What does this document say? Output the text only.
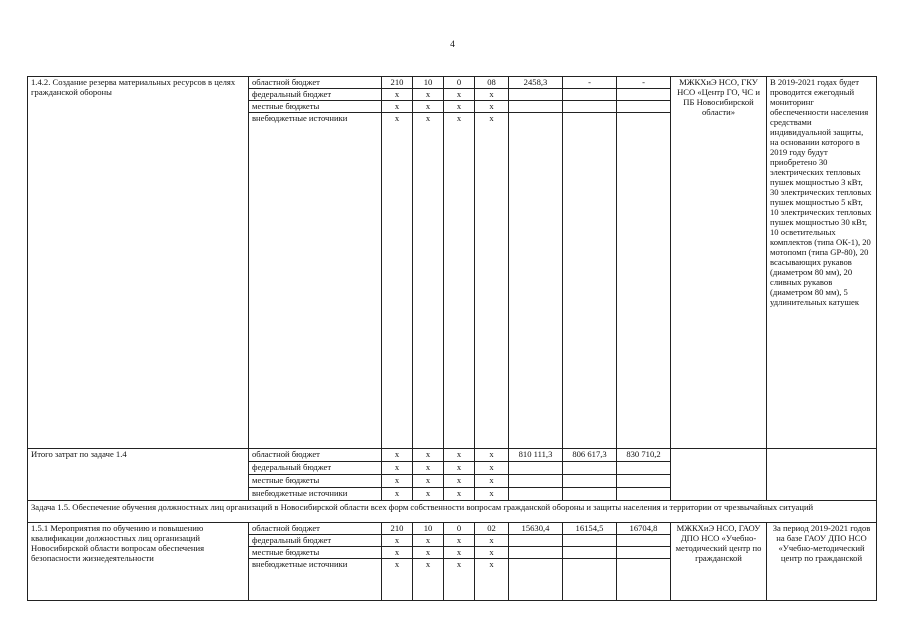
4
1.4.2. Создание резерва материальных ресурсов в целях гражданской обороны	областной бюджет	210	10	0	08	2458,3	-	-	МЖКХиЭ НСО, ГКУ НСО «Центр ГО, ЧС и ПБ Новосибирской области»	В 2019-2021 годах будет проводится ежегодный мониторинг обеспеченности населения средствами индивидуальной защиты, на основании которого в 2019 году будут приобретено 30 электрических тепловых пушек мощностью 3 кВт, 30 электрических тепловых пушек мощностью 5 кВт, 10 электрических тепловых пушек мощностью 30 кВт, 10 осветительных комплектов (типа ОК-1), 20 мотопомп (типа GP-80), 20 всасывающих рукавов (диаметром 80 мм), 20 сливных рукавов (диаметром 80 мм), 5 удлинительных катушек
	федеральный бюджет	x	x	x	x					
	местные бюджеты	x	x	x	x					
	внебюджетные источники	x	x	x	x					
Итого затрат по задаче 1.4	областной бюджет	x	x	x	x	810 111,3	806 617,3	830 710,2		
	федеральный бюджет	x	x	x	x					
	местные бюджеты	x	x	x	x					
	внебюджетные источники	x	x	x	x					
Задача 1.5. Обеспечение обучения должностных лиц организаций в Новосибирской области всех форм собственности вопросам гражданской обороны и защиты населения и территории от чрезвычайных ситуаций										
1.5.1 Мероприятия по обучению и повышению квалификации должностных лиц организаций Новосибирской области вопросам обеспечения безопасности жизнедеятельности	областной бюджет	210	10	0	02	15630,4	16154,5	16704,8	МЖКХиЭ НСО, ГАОУ ДПО НСО «Учебно-методический центр по гражданской	За период 2019-2021 годов на базе ГАОУ ДПО НСО «Учебно-методический центр по гражданской
	федеральный бюджет	x	x	x	x					
	местные бюджеты	x	x	x	x					
	внебюджетные источники	x	x	x	x					
